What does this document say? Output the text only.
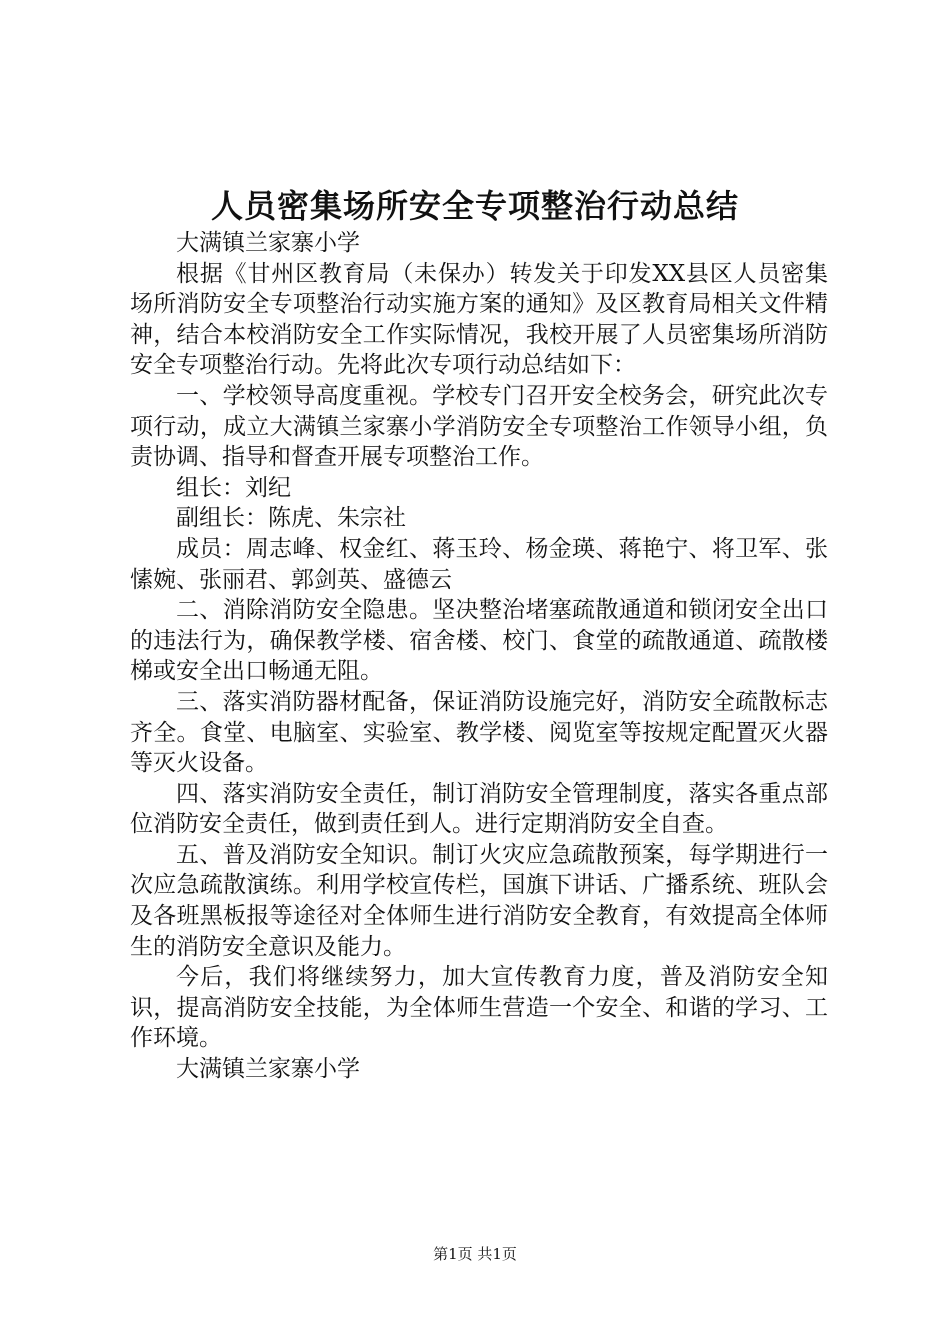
人员密集场所安全专项整治行动总结

大满镇兰家寨小学

根据《甘州区教育局（未保办）转发关于印发XX县区人员密集场所消防安全专项整治行动实施方案的通知》及区教育局相关文件精神，结合本校消防安全工作实际情况，我校开展了人员密集场所消防安全专项整治行动。先将此次专项行动总结如下：

一、学校领导高度重视。学校专门召开安全校务会，研究此次专项行动，成立大满镇兰家寨小学消防安全专项整治工作领导小组，负责协调、指导和督查开展专项整治工作。

组长：刘纪

副组长：陈虎、朱宗社

成员：周志峰、权金红、蒋玉玲、杨金瑛、蒋艳宁、将卫军、张愫婉、张丽君、郭剑英、盛德云

二、消除消防安全隐患。坚决整治堵塞疏散通道和锁闭安全出口的违法行为，确保教学楼、宿舍楼、校门、食堂的疏散通道、疏散楼梯或安全出口畅通无阻。

三、落实消防器材配备，保证消防设施完好，消防安全疏散标志齐全。食堂、电脑室、实验室、教学楼、阅览室等按规定配置灭火器等灭火设备。

四、落实消防安全责任，制订消防安全管理制度，落实各重点部位消防安全责任，做到责任到人。进行定期消防安全自查。

五、普及消防安全知识。制订火灾应急疏散预案，每学期进行一次应急疏散演练。利用学校宣传栏，国旗下讲话、广播系统、班队会及各班黑板报等途径对全体师生进行消防安全教育，有效提高全体师生的消防安全意识及能力。

今后，我们将继续努力，加大宣传教育力度，普及消防安全知识，提高消防安全技能，为全体师生营造一个安全、和谐的学习、工作环境。

大满镇兰家寨小学

第1页 共1页
